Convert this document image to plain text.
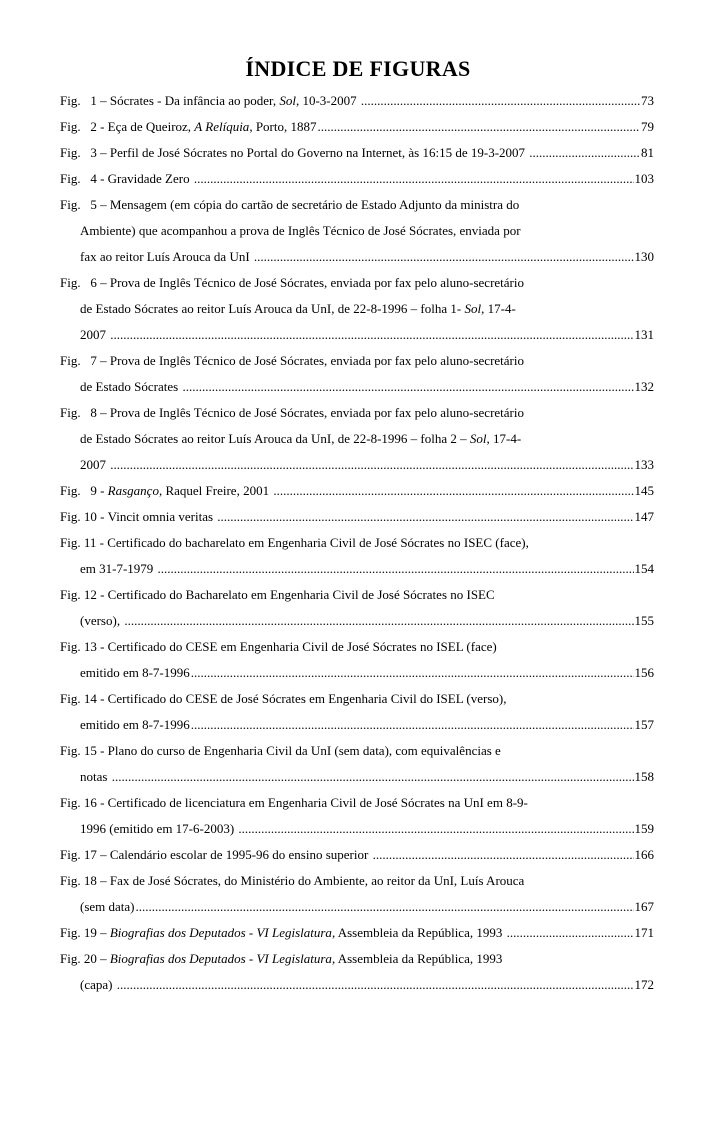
ÍNDICE DE FIGURAS
Fig.   1 – Sócrates - Da infância ao poder, Sol , 10-3-2007 .....	73
Fig.   2 - Eça de Queiroz, A Relíquia , Porto, 1887 .....	79
Fig.   3 – Perfil de José Sócrates no Portal do Governo na Internet, às 16:15 de 19-3-2007 .....	81
Fig.   4 - Gravidade Zero .....	103
Fig.   5 – Mensagem (em cópia do cartão de secretário de Estado Adjunto da ministra do
Ambiente) que acompanhou a prova de Inglês Técnico de José Sócrates, enviada por
fax ao reitor Luís Arouca da UnI .....	130
Fig.   6 – Prova de Inglês Técnico de José Sócrates, enviada por fax pelo aluno-secretário
de Estado Sócrates ao reitor Luís Arouca da UnI, de 22-8-1996 – folha 1- Sol , 17-4-
2007 .....	131
Fig.   7 – Prova de Inglês Técnico de José Sócrates, enviada por fax pelo aluno-secretário
de Estado Sócrates .....	132
Fig.   8 – Prova de Inglês Técnico de José Sócrates, enviada por fax pelo aluno-secretário
de Estado Sócrates ao reitor Luís Arouca da UnI, de 22-8-1996 – folha 2 – Sol , 17-4-
2007 .....	133
Fig.   9 - Rasganço , Raquel Freire, 2001 .....	145
Fig. 10 - Vincit omnia veritas .....	147
Fig. 11 - Certificado do bacharelato em Engenharia Civil de José Sócrates no ISEC (face),
em 31-7-1979 .....	154
Fig. 12 - Certificado do Bacharelato em Engenharia Civil de José Sócrates no ISEC
(verso), .....	155
Fig. 13 - Certificado do CESE em Engenharia Civil de José Sócrates no ISEL (face)
emitido em 8-7-1996 .....	156
Fig. 14 - Certificado do CESE de José Sócrates em Engenharia Civil do ISEL (verso),
emitido em 8-7-1996 .....	157
Fig. 15 - Plano do curso de Engenharia Civil da UnI (sem data), com equivalências e
notas .....	158
Fig. 16 - Certificado de licenciatura em Engenharia Civil de José Sócrates na UnI em 8-9-
1996 (emitido em 17-6-2003) .....	159
Fig. 17 – Calendário escolar de 1995-96 do ensino superior .....	166
Fig. 18 – Fax de José Sócrates, do Ministério do Ambiente, ao reitor da UnI, Luís Arouca
(sem data) .....	167
Fig. 19 – Biografias dos Deputados - VI Legislatura , Assembleia da República, 1993 .....	171
Fig. 20 – Biografias dos Deputados - VI Legislatura , Assembleia da República, 1993
(capa) .....	172
